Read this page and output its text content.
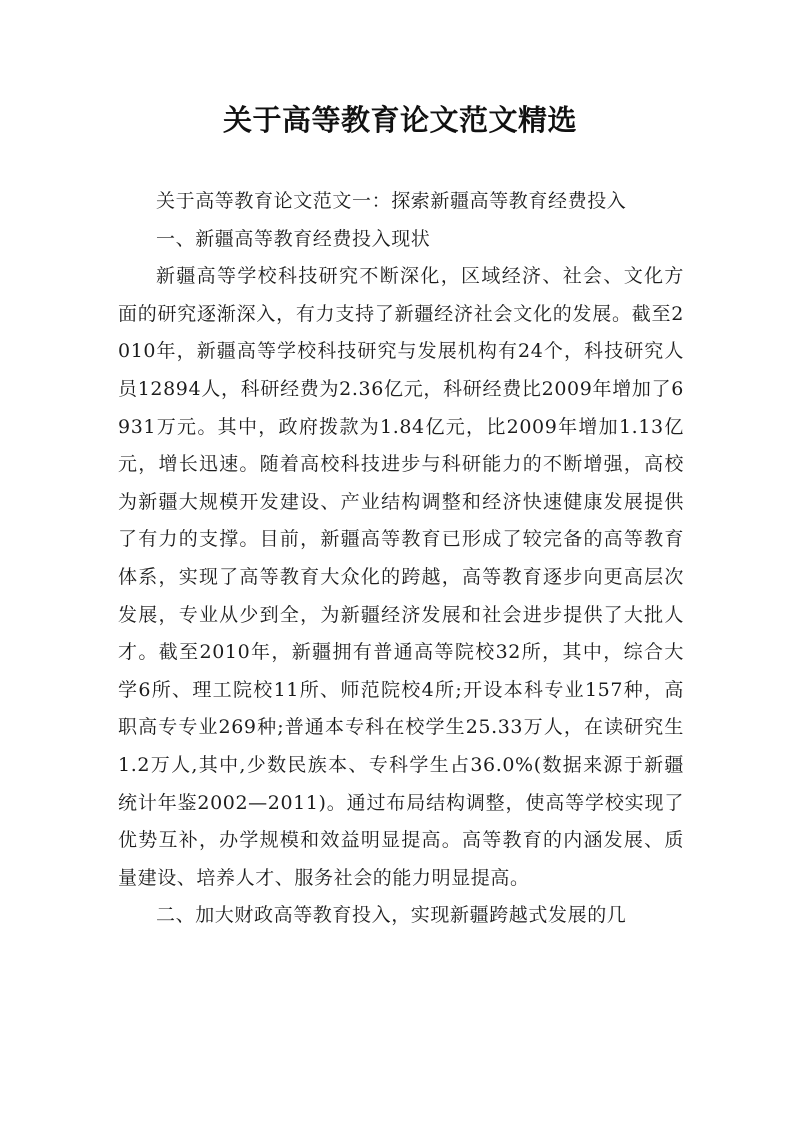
关于高等教育论文范文精选

关于高等教育论文范文一：探索新疆高等教育经费投入

一、新疆高等教育经费投入现状

新疆高等学校科技研究不断深化，区域经济、社会、文化方面的研究逐渐深入，有力支持了新疆经济社会文化的发展。截至2010年，新疆高等学校科技研究与发展机构有24个，科技研究人员12894人，科研经费为2.36亿元，科研经费比2009年增加了6931万元。其中，政府拨款为1.84亿元，比2009年增加1.13亿元，增长迅速。随着高校科技进步与科研能力的不断增强，高校为新疆大规模开发建设、产业结构调整和经济快速健康发展提供了有力的支撑。目前，新疆高等教育已形成了较完备的高等教育体系，实现了高等教育大众化的跨越，高等教育逐步向更高层次发展，专业从少到全，为新疆经济发展和社会进步提供了大批人才。截至2010年，新疆拥有普通高等院校32所，其中，综合大学6所、理工院校11所、师范院校4所;开设本科专业157种，高职高专专业269种;普通本专科在校学生25.33万人，在读研究生1.2万人,其中,少数民族本、专科学生占36.0%(数据来源于新疆统计年鉴2002—2011)。通过布局结构调整，使高等学校实现了优势互补，办学规模和效益明显提高。高等教育的内涵发展、质量建设、培养人才、服务社会的能力明显提高。

二、加大财政高等教育投入，实现新疆跨越式发展的几
